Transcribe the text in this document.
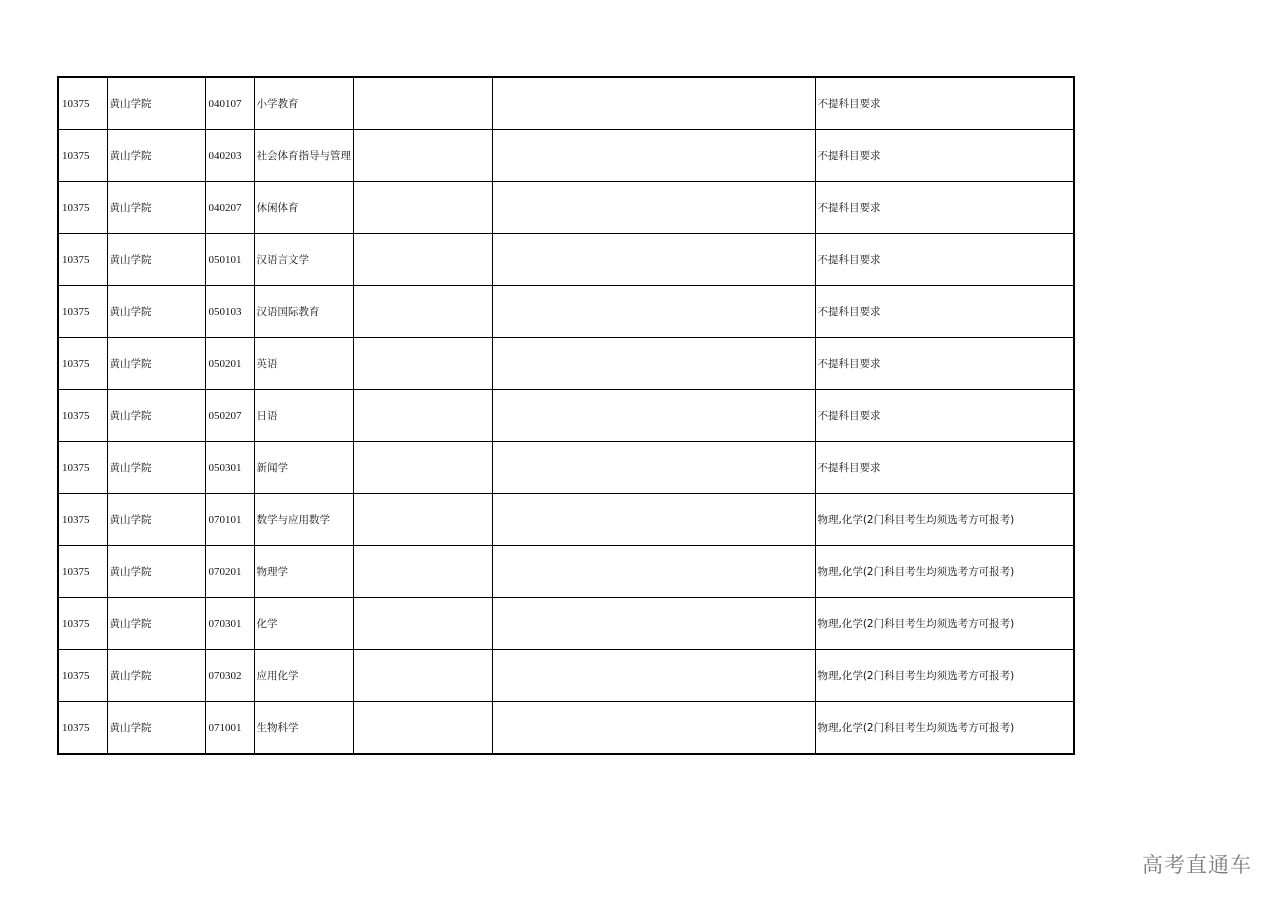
10375	黄山学院	040107	小学教育			不提科目要求
10375	黄山学院	040203	社会体育指导与管理			不提科目要求
10375	黄山学院	040207	休闲体育			不提科目要求
10375	黄山学院	050101	汉语言文学			不提科目要求
10375	黄山学院	050103	汉语国际教育			不提科目要求
10375	黄山学院	050201	英语			不提科目要求
10375	黄山学院	050207	日语			不提科目要求
10375	黄山学院	050301	新闻学			不提科目要求
10375	黄山学院	070101	数学与应用数学			物理,化学(2门科目考生均须选考方可报考)
10375	黄山学院	070201	物理学			物理,化学(2门科目考生均须选考方可报考)
10375	黄山学院	070301	化学			物理,化学(2门科目考生均须选考方可报考)
10375	黄山学院	070302	应用化学			物理,化学(2门科目考生均须选考方可报考)
10375	黄山学院	071001	生物科学			物理,化学(2门科目考生均须选考方可报考)
高考直通车
